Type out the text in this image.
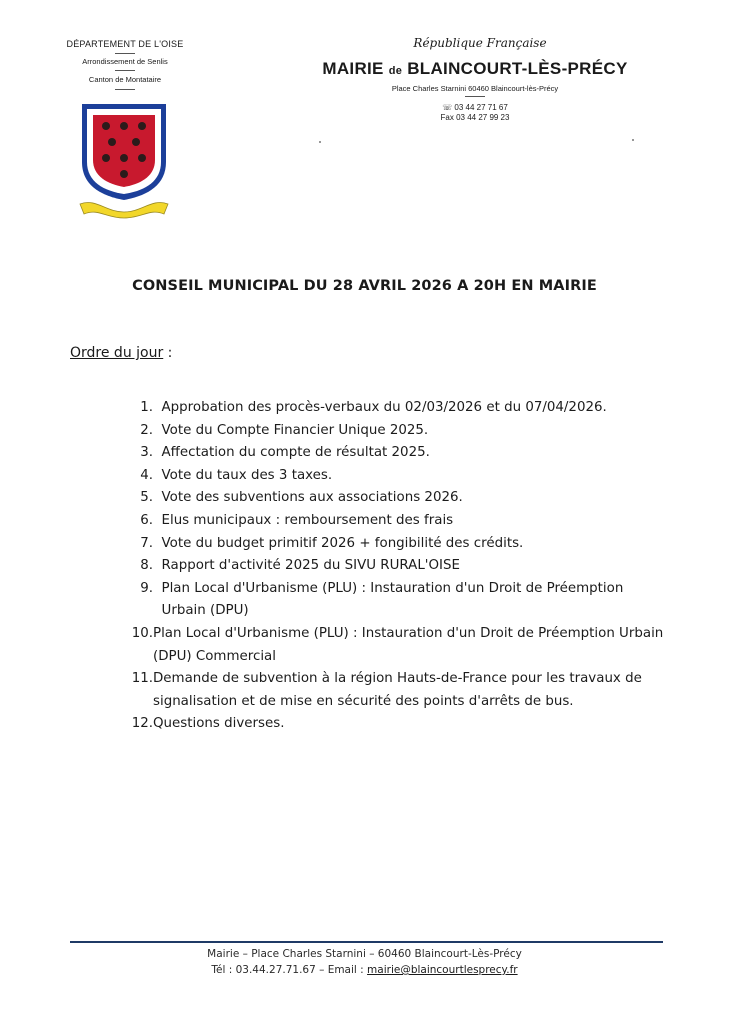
DÉPARTEMENT DE L'OISE
Arrondissement de Senlis
Canton de Montataire
République Française
MAIRIE de BLAINCOURT-LÈS-PRÉCY
Place Charles Starnini 60460 Blaincourt-lès-Précy
☏ 03 44 27 71 67
Fax 03 44 27 99 23
CONSEIL MUNICIPAL DU 28 AVRIL 2026 A 20H EN MAIRIE
Ordre du jour :
1.
Approbation des procès-verbaux du 02/03/2026 et du 07/04/2026.
2.
Vote du Compte Financier Unique 2025.
3.
Affectation du compte de résultat 2025.
4.
Vote du taux des 3 taxes.
5.
Vote des subventions aux associations 2026.
6.
Elus municipaux : remboursement des frais
7.
Vote du budget primitif 2026 + fongibilité des crédits.
8.
Rapport d'activité 2025 du SIVU RURAL'OISE
9.
Plan Local d'Urbanisme (PLU) : Instauration d'un Droit de Préemption Urbain (DPU)
10. Plan Local d'Urbanisme (PLU) : Instauration d'un Droit de Préemption Urbain (DPU) Commercial
11. Demande de subvention à la région Hauts-de-France pour les travaux de signalisation et de mise en sécurité des points d'arrêts de bus.
12. Questions diverses.
Mairie – Place Charles Starnini – 60460 Blaincourt-Lès-Précy
Tél : 03.44.27.71.67 – Email : mairie@blaincourtlesprecy.fr
